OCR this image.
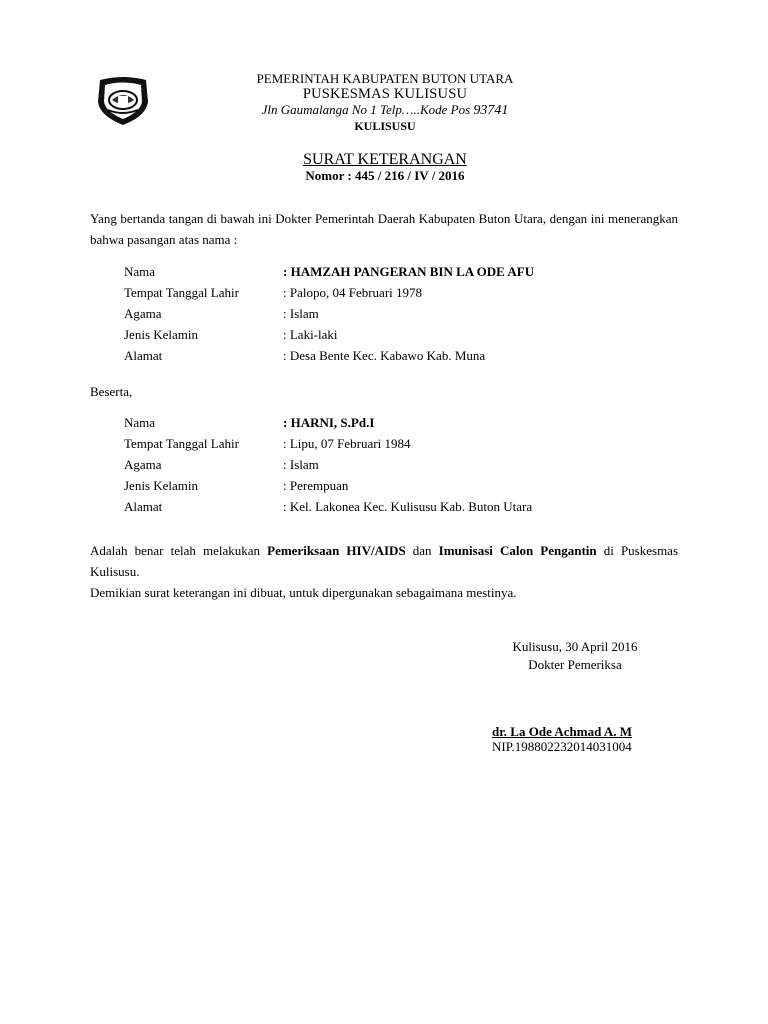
PEMERINTAH KABUPATEN BUTON UTARA
PUSKESMAS KULISUSU
Jln Gaumalanga No 1 Telp…..Kode Pos 93741
KULISUSU
SURAT KETERANGAN
Nomor : 445 / 216 / IV / 2016
Yang bertanda tangan di bawah ini Dokter Pemerintah Daerah Kabupaten Buton Utara, dengan ini menerangkan bahwa pasangan atas nama :
Nama	: HAMZAH PANGERAN BIN LA ODE AFU
Tempat Tanggal Lahir	: Palopo, 04 Februari 1978
Agama	: Islam
Jenis Kelamin	: Laki-laki
Alamat	: Desa Bente Kec. Kabawo Kab. Muna
Beserta,
Nama	: HARNI, S.Pd.I
Tempat Tanggal Lahir	: Lipu, 07 Februari 1984
Agama	: Islam
Jenis Kelamin	: Perempuan
Alamat	: Kel. Lakonea Kec. Kulisusu Kab. Buton Utara
Adalah benar telah melakukan Pemeriksaan HIV/AIDS dan Imunisasi Calon Pengantin di Puskesmas Kulisusu.
Demikian surat keterangan ini dibuat, untuk dipergunakan sebagaimana mestinya.
Kulisusu, 30 April 2016
Dokter Pemeriksa
dr. La Ode Achmad A. M
NIP.198802232014031004
